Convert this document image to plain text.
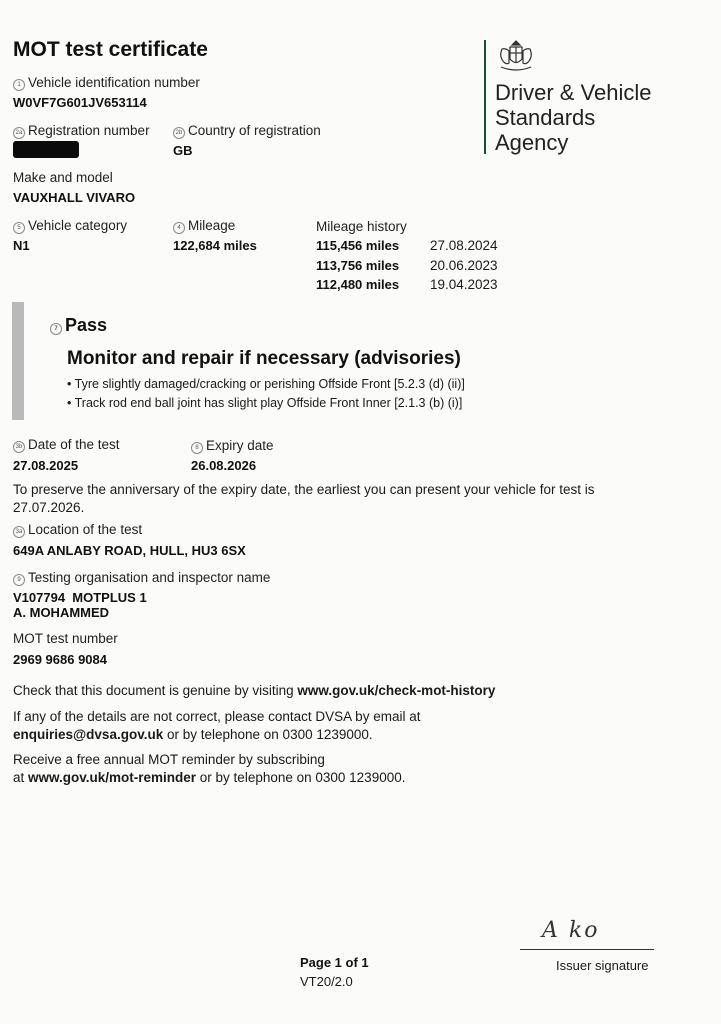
MOT test certificate
Driver & Vehicle
Standards
Agency
1 Vehicle identification number
W0VF7G601JV653114
2a Registration number	2b Country of registration
GB
Make and model
VAUXHALL VIVARO
5 Vehicle category
N1
4 Mileage
122,684 miles
Mileage history
115,456 miles 27.08.2024
113,756 miles 20.06.2023
112,480 miles 19.04.2023
7 Pass
Monitor and repair if necessary (advisories)
• Tyre slightly damaged/cracking or perishing Offside Front [5.2.3 (d) (ii)]
• Track rod end ball joint has slight play Offside Front Inner [2.1.3 (b) (i)]
3b Date of the test
27.08.2025
8 Expiry date
26.08.2026
To preserve the anniversary of the expiry date, the earliest you can present your vehicle for test is
27.07.2026.
3a Location of the test
649A ANLABY ROAD, HULL, HU3 6SX
9 Testing organisation and inspector name
V107794  MOTPLUS 1
A. MOHAMMED
MOT test number
2969 9686 9084
Check that this document is genuine by visiting www.gov.uk/check-mot-history
If any of the details are not correct, please contact DVSA by email at
enquiries@dvsa.gov.uk or by telephone on 0300 1239000.
Receive a free annual MOT reminder by subscribing
at www.gov.uk/mot-reminder or by telephone on 0300 1239000.
A ko
Issuer signature
Page 1 of 1
VT20/2.0
